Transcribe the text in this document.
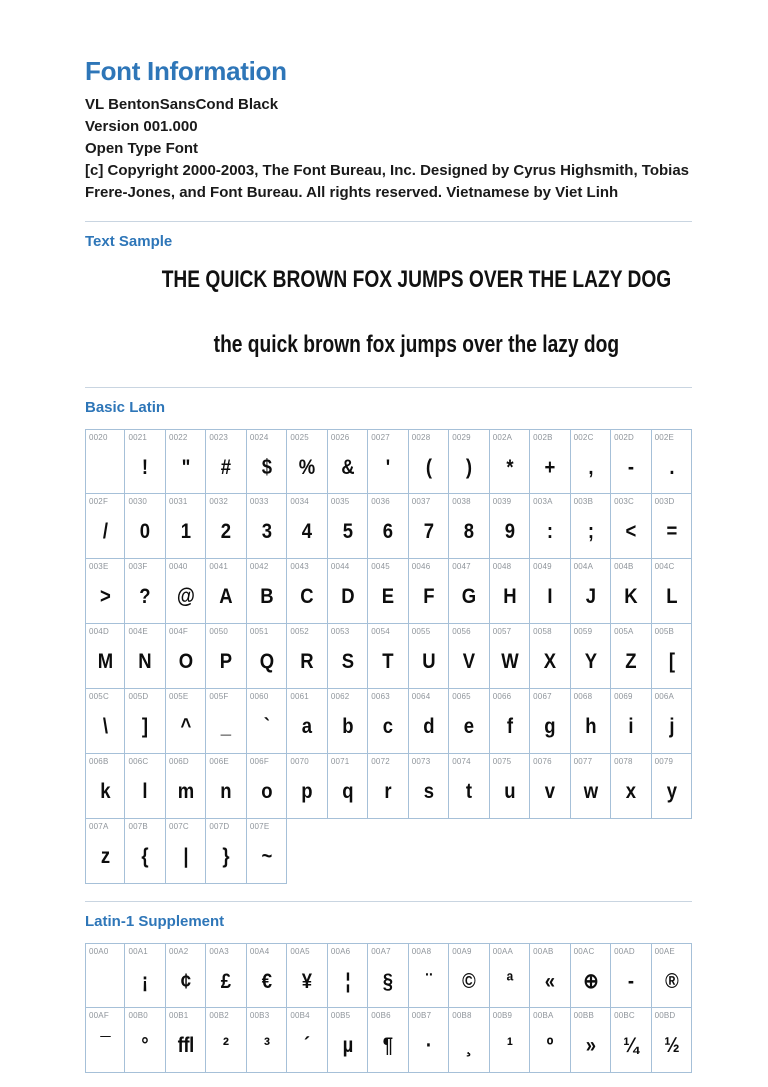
Font Information
VL BentonSansCond Black
Version 001.000
Open Type Font
[c] Copyright 2000-2003, The Font Bureau, Inc. Designed by Cyrus Highsmith, Tobias Frere-Jones, and Font Bureau. All rights reserved. Vietnamese by Viet Linh
Text Sample
THE QUICK BROWN FOX JUMPS OVER THE LAZY DOG
the quick brown fox jumps over the lazy dog
Basic Latin
0020	0021
!
0022
"
0023
#
0024
$
0025
%
0026
&
0027
'
0028
(
0029
)
002A
*
002B
+
002C
,
002D
-
002E
.
002F
/
0030
0
0031
1
0032
2
0033
3
0034
4
0035
5
0036
6
0037
7
0038
8
0039
9
003A
:
003B
;
003C
<
003D
=
003E
>
003F
?
0040
@
0041
A
0042
B
0043
C
0044
D
0045
E
0046
F
0047
G
0048
H
0049
I
004A
J
004B
K
004C
L
004D
M
004E
N
004F
O
0050
P
0051
Q
0052
R
0053
S
0054
T
0055
U
0056
V
0057
W
0058
X
0059
Y
005A
Z
005B
[
005C
\
005D
]
005E
^
005F
_
0060
`
0061
a
0062
b
0063
c
0064
d
0065
e
0066
f
0067
g
0068
h
0069
i
006A
j
006B
k
006C
l
006D
m
006E
n
006F
o
0070
p
0071
q
0072
r
0073
s
0074
t
0075
u
0076
v
0077
w
0078
x
0079
y
007A
z
007B
{
007C
|
007D
}
007E
~
Latin-1 Supplement
00A0	00A1
¡
00A2
¢
00A3
£
00A4
€
00A5
¥
00A6
¦
00A7
§
00A8
¨
00A9
©
00AA
ª
00AB
«
00AC
⊕
00AD
-
00AE
®
00AF
¯
00B0
°
00B1
ffl
00B2
²
00B3
³
00B4
´
00B5
µ
00B6
¶
00B7
·
00B8
¸
00B9
¹
00BA
º
00BB
»
00BC
¼
00BD
½
